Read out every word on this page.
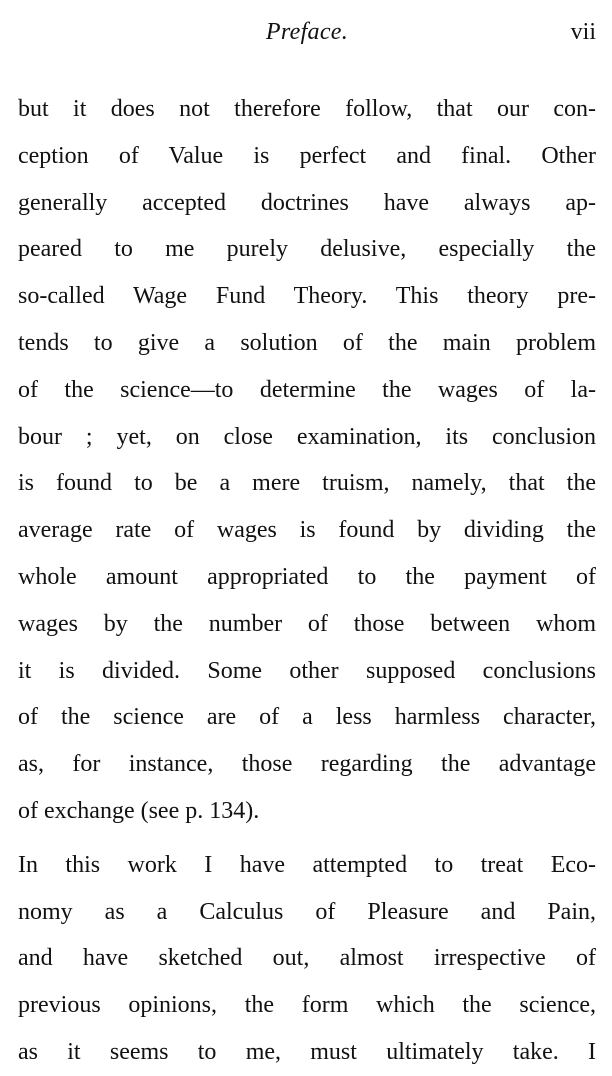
Preface.	vii

but it does not therefore follow, that our con-
ception of Value is perfect and final. Other
generally accepted doctrines have always ap-
peared to me purely delusive, especially the
so-called Wage Fund Theory. This theory pre-
tends to give a solution of the main problem
of the science—to determine the wages of la-
bour ; yet, on close examination, its conclusion
is found to be a mere truism, namely, that the
average rate of wages is found by dividing the
whole amount appropriated to the payment of
wages by the number of those between whom
it is divided. Some other supposed conclusions
of the science are of a less harmless character,
as, for instance, those regarding the advantage
of exchange (see p. 134).

In this work I have attempted to treat Eco-
nomy as a Calculus of Pleasure and Pain,
and have sketched out, almost irrespective of
previous opinions, the form which the science,
as it seems to me, must ultimately take. I
